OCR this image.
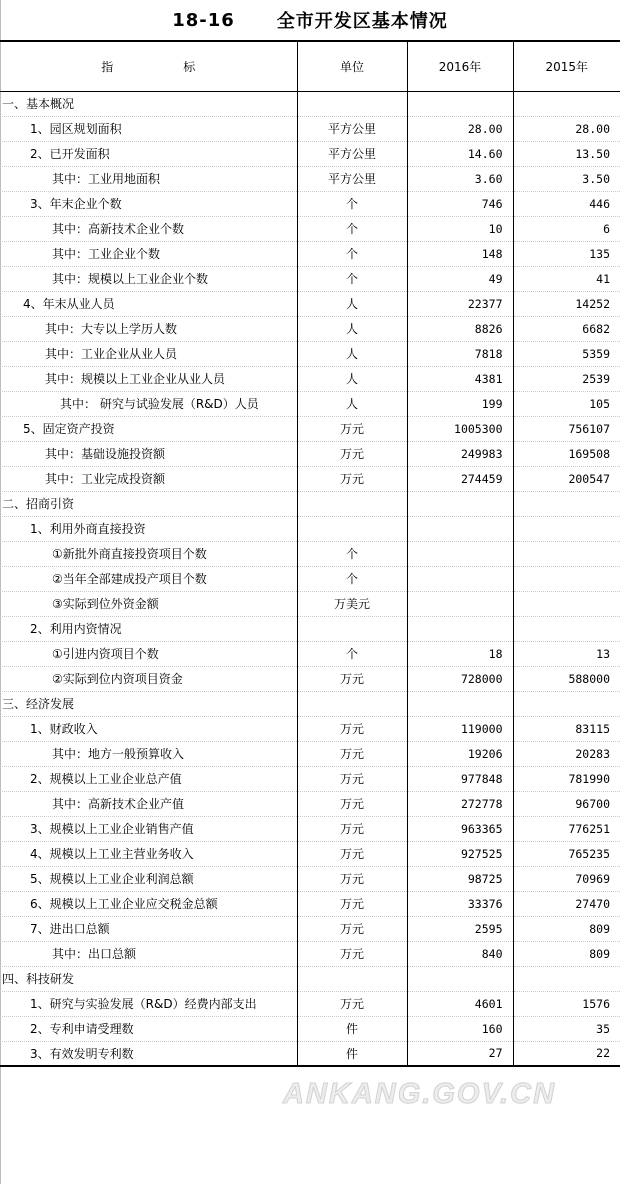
18-16 全市开发区基本情况
指 标	单位	2016年	2015年
一、基本概况			
1、园区规划面积	平方公里	28.00	28.00
2、已开发面积	平方公里	14.60	13.50
其中：工业用地面积	平方公里	3.60	3.50
3、年末企业个数	个	746	446
其中：高新技术企业个数	个	10	6
其中：工业企业个数	个	148	135
其中：规模以上工业企业个数	个	49	41
4、年末从业人员	人	22377	14252
其中：大专以上学历人数	人	8826	6682
其中：工业企业从业人员	人	7818	5359
其中：规模以上工业企业从业人员	人	4381	2539
其中： 研究与试验发展（R&D）人员	人	199	105
5、固定资产投资	万元	1005300	756107
其中：基础设施投资额	万元	249983	169508
其中：工业完成投资额	万元	274459	200547
二、招商引资			
1、利用外商直接投资			
①新批外商直接投资项目个数	个		
②当年全部建成投产项目个数	个		
③实际到位外资金额	万美元		
2、利用内资情况			
①引进内资项目个数	个	18	13
②实际到位内资项目资金	万元	728000	588000
三、经济发展			
1、财政收入	万元	119000	83115
其中：地方一般预算收入	万元	19206	20283
2、规模以上工业企业总产值	万元	977848	781990
其中：高新技术企业产值	万元	272778	96700
3、规模以上工业企业销售产值	万元	963365	776251
4、规模以上工业主营业务收入	万元	927525	765235
5、规模以上工业企业利润总额	万元	98725	70969
6、规模以上工业企业应交税金总额	万元	33376	27470
7、进出口总额	万元	2595	809
其中：出口总额	万元	840	809
四、科技研发			
1、研究与实验发展（R&D）经费内部支出	万元	4601	1576
2、专利申请受理数	件	160	35
3、有效发明专利数	件	27	22
ANKANG.GOV.CN
